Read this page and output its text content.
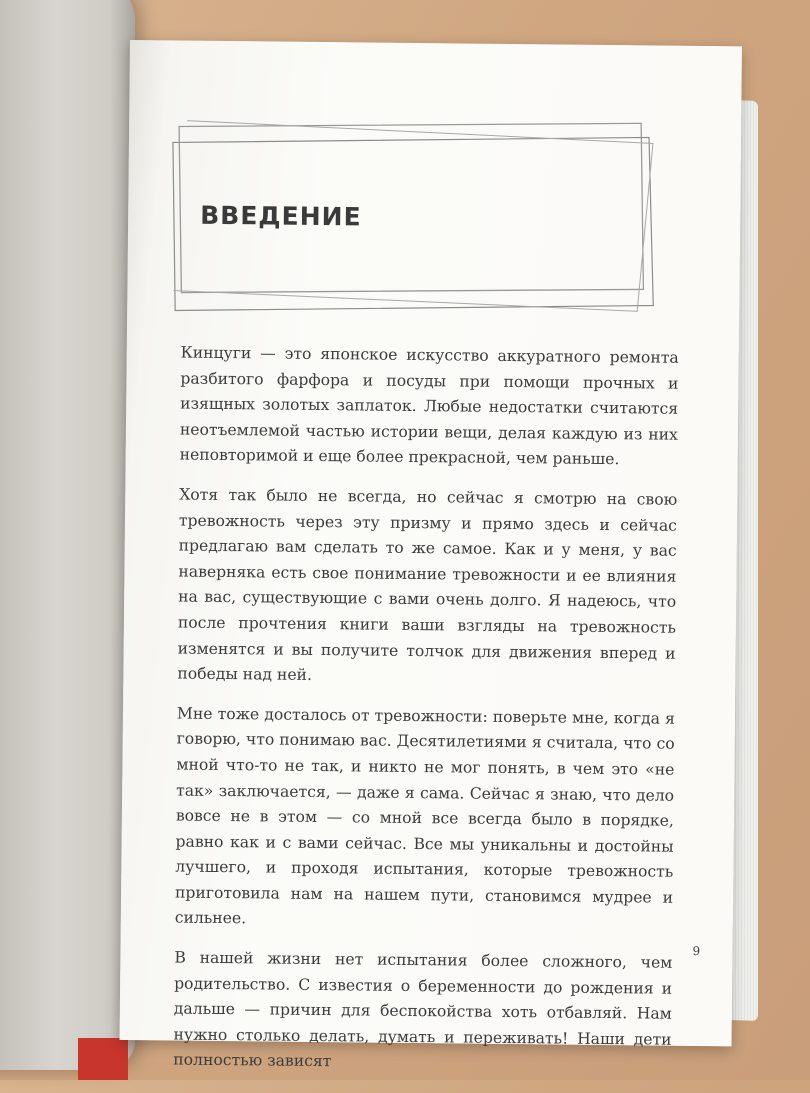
ВВЕДЕНИЕ

Кинцуги — это японское искусство аккуратного ремонта разбитого фарфора и посуды при помощи прочных и изящных золотых заплаток. Любые недостатки считаются неотъемлемой частью истории вещи, делая каждую из них неповторимой и еще более прекрасной, чем раньше.

Хотя так было не всегда, но сейчас я смотрю на свою тревожность через эту призму и прямо здесь и сейчас предлагаю вам сделать то же самое. Как и у меня, у вас наверняка есть свое понимание тревожности и ее влияния на вас, существующие с вами очень долго. Я надеюсь, что после прочтения книги ваши взгляды на тревожность изменятся и вы получите толчок для движения вперед и победы над ней.

Мне тоже досталось от тревожности: поверьте мне, когда я говорю, что понимаю вас. Десятилетиями я считала, что со мной что-то не так, и никто не мог понять, в чем это «не так» заключается, — даже я сама. Сейчас я знаю, что дело вовсе не в этом — со мной все всегда было в порядке, равно как и с вами сейчас. Все мы уникальны и достойны лучшего, и проходя испытания, которые тревожность приготовила нам на нашем пути, становимся мудрее и сильнее.

В нашей жизни нет испытания более сложного, чем родительство. С известия о беременности до рождения и дальше — причин для беспокойства хоть отбавляй. Нам нужно столько делать, думать и переживать! Наши дети полностью зависят

9
